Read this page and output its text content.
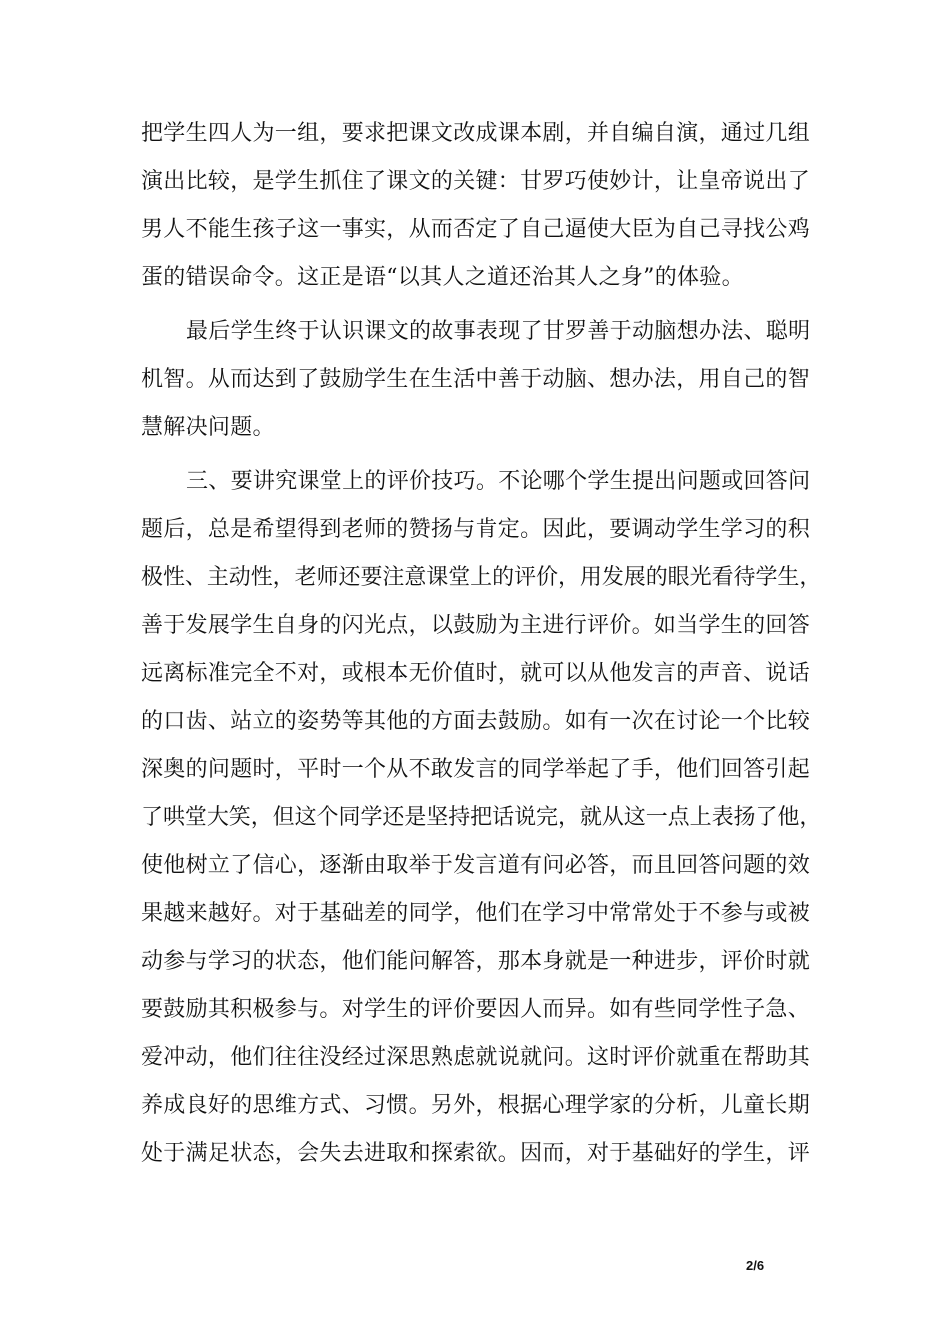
把学生四人为一组，要求把课文改成课本剧，并自编自演，通过几组
演出比较，是学生抓住了课文的关键：甘罗巧使妙计，让皇帝说出了
男人不能生孩子这一事实，从而否定了自己逼使大臣为自己寻找公鸡
蛋的错误命令。这正是语“以其人之道还治其人之身”的体验。
最后学生终于认识课文的故事表现了甘罗善于动脑想办法、聪明
机智。从而达到了鼓励学生在生活中善于动脑、想办法，用自己的智
慧解决问题。
三、要讲究课堂上的评价技巧。不论哪个学生提出问题或回答问
题后，总是希望得到老师的赞扬与肯定。因此，要调动学生学习的积
极性、主动性，老师还要注意课堂上的评价，用发展的眼光看待学生，
善于发展学生自身的闪光点，以鼓励为主进行评价。如当学生的回答
远离标准完全不对，或根本无价值时，就可以从他发言的声音、说话
的口齿、站立的姿势等其他的方面去鼓励。如有一次在讨论一个比较
深奥的问题时，平时一个从不敢发言的同学举起了手，他们回答引起
了哄堂大笑，但这个同学还是坚持把话说完，就从这一点上表扬了他，
使他树立了信心，逐渐由取举于发言道有问必答，而且回答问题的效
果越来越好。对于基础差的同学，他们在学习中常常处于不参与或被
动参与学习的状态，他们能问解答，那本身就是一种进步，评价时就
要鼓励其积极参与。对学生的评价要因人而异。如有些同学性子急、
爱冲动，他们往往没经过深思熟虑就说就问。这时评价就重在帮助其
养成良好的思维方式、习惯。另外，根据心理学家的分析，儿童长期
处于满足状态，会失去进取和探索欲。因而，对于基础好的学生，评
2/6
